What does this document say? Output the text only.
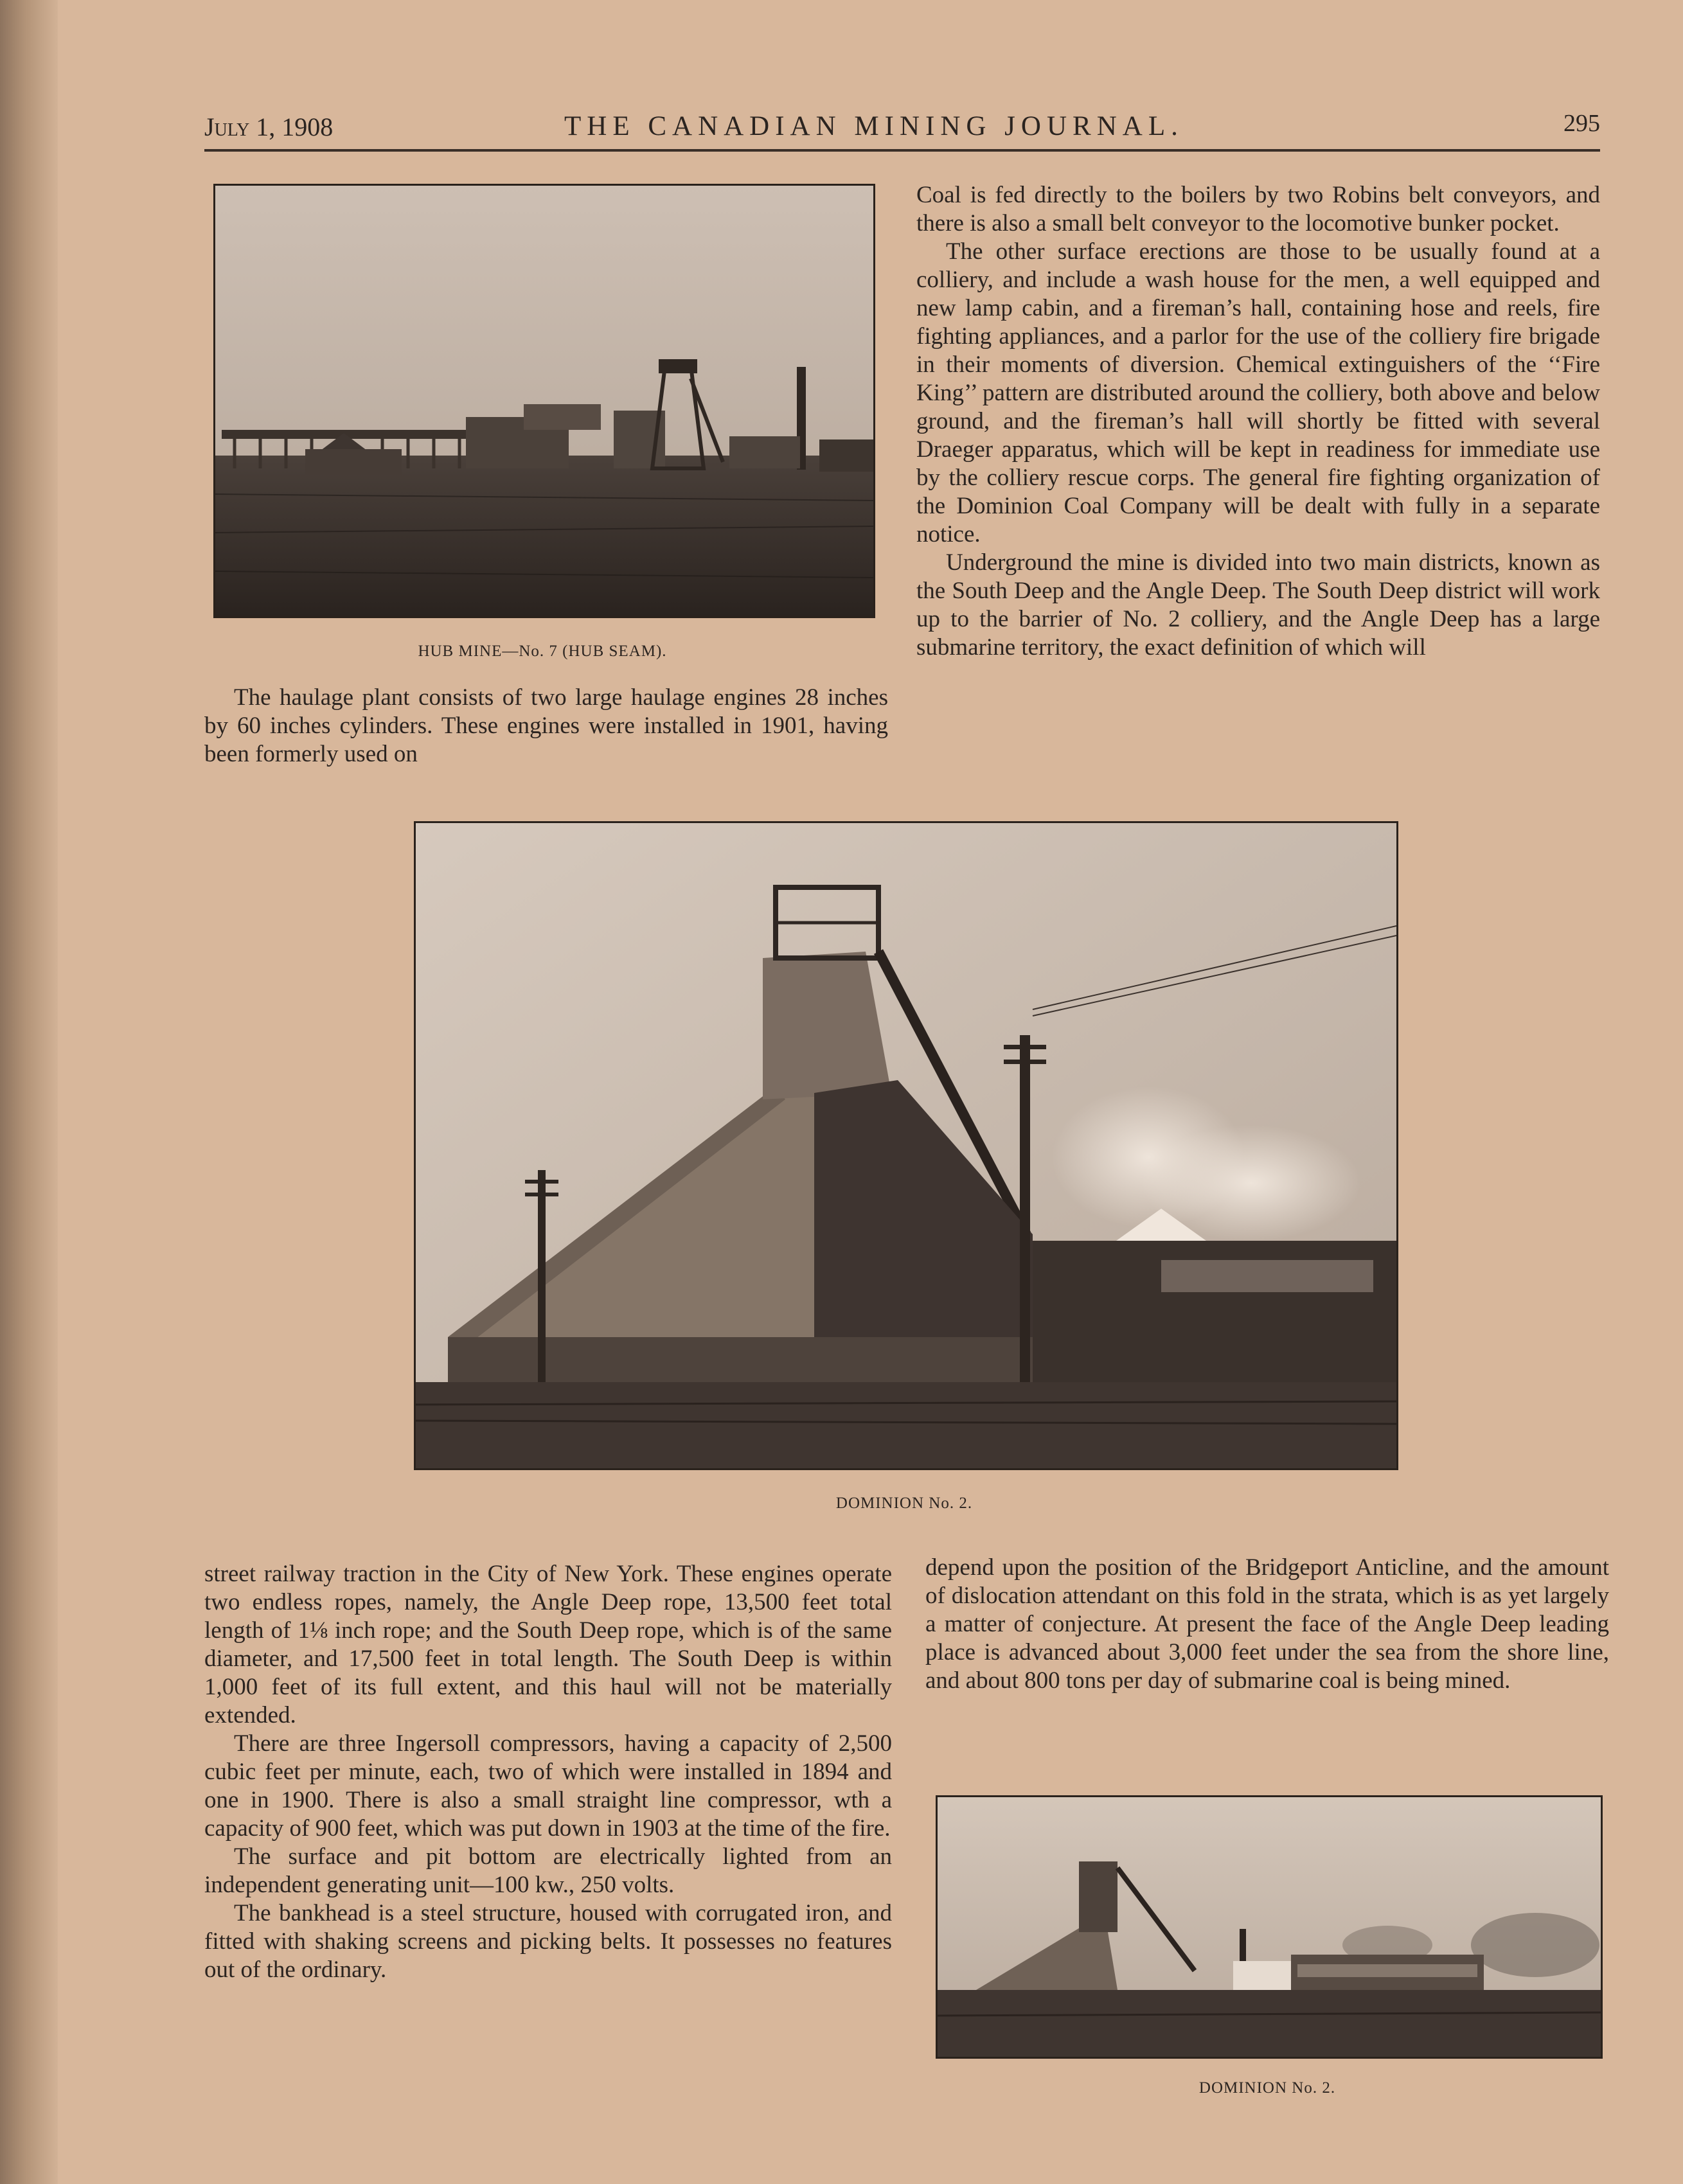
July 1, 1908	THE CANADIAN MINING JOURNAL.	295
HUB MINE—No. 7 (HUB SEAM).

The haulage plant consists of two large haulage engines 28 inches by 60 inches cylinders. These engines were installed in 1901, having been formerly used on

Coal is fed directly to the boilers by two Robins belt conveyors, and there is also a small belt conveyor to the locomotive bunker pocket.

The other surface erections are those to be usually found at a colliery, and include a wash house for the men, a well equipped and new lamp cabin, and a fireman’s hall, containing hose and reels, fire fighting appliances, and a parlor for the use of the colliery fire brigade in their moments of diversion. Chemical extinguishers of the ‘‘Fire King’’ pattern are distributed around the colliery, both above and below ground, and the fireman’s hall will shortly be fitted with several Draeger apparatus, which will be kept in readiness for immediate use by the colliery rescue corps. The general fire fighting organization of the Dominion Coal Company will be dealt with fully in a separate notice.

Underground the mine is divided into two main districts, known as the South Deep and the Angle Deep. The South Deep district will work up to the barrier of No. 2 colliery, and the Angle Deep has a large submarine territory, the exact definition of which will

DOMINION No. 2.

street railway traction in the City of New York. These engines operate two endless ropes, namely, the Angle Deep rope, 13,500 feet total length of 1⅛ inch rope; and the South Deep rope, which is of the same diameter, and 17,500 feet in total length. The South Deep is within 1,000 feet of its full extent, and this haul will not be materially extended.

There are three Ingersoll compressors, having a capacity of 2,500 cubic feet per minute, each, two of which were installed in 1894 and one in 1900. There is also a small straight line compressor, wth a capacity of 900 feet, which was put down in 1903 at the time of the fire.

The surface and pit bottom are electrically lighted from an independent generating unit—100 kw., 250 volts.

The bankhead is a steel structure, housed with corrugated iron, and fitted with shaking screens and picking belts. It possesses no features out of the ordinary.

depend upon the position of the Bridgeport Anticline, and the amount of dislocation attendant on this fold in the strata, which is as yet largely a matter of conjecture. At present the face of the Angle Deep leading place is advanced about 3,000 feet under the sea from the shore line, and about 800 tons per day of submarine coal is being mined.

DOMINION No. 2.
